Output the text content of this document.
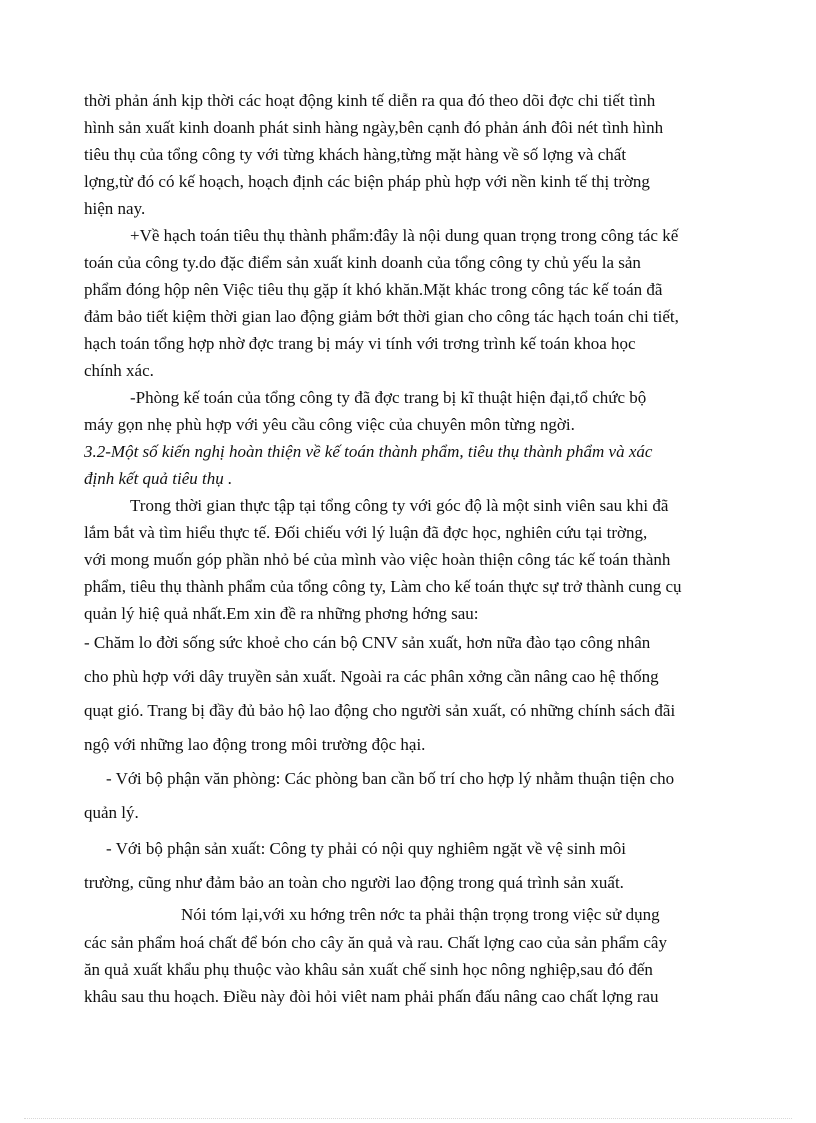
thời phản ánh kịp thời các hoạt động kinh tế diễn ra qua đó theo dõi đợc chi tiết tình
hình sản xuất kinh doanh phát sinh hàng ngày,bên cạnh đó phản ánh đôi nét tình hình
tiêu thụ của tổng công ty với từng khách hàng,từng mặt hàng về số lợng và chất
lợng,từ đó có kế hoạch, hoạch định các biện pháp phù hợp với nền kinh tế thị trờng
hiện nay.
+Về hạch toán tiêu thụ thành phẩm:đây là nội dung quan trọng trong công tác kế
toán của công ty.do đặc điểm sản xuất kinh doanh của tổng công ty chủ yếu la sản
phẩm đóng hộp nên Việc tiêu thụ gặp ít khó khăn.Mặt khác trong công tác kế toán đã
đảm bảo tiết kiệm thời gian lao động giảm bớt thời gian cho công tác hạch toán chi tiết,
hạch toán tổng hợp nhờ đợc trang bị máy vi tính với trơng trình kế toán khoa học
chính xác.
-Phòng kế toán của tổng công ty đã đợc trang bị kĩ thuật hiện đại,tổ chức bộ
máy gọn nhẹ phù hợp với yêu cầu công việc của chuyên môn từng ngời.
3.2-Một số kiến nghị hoàn thiện về kế toán thành phẩm, tiêu thụ thành phẩm và xác
định kết quả tiêu thụ .
Trong thời gian thực tập tại tổng công ty với góc độ là một sinh viên sau khi đã
lắm bắt và tìm hiểu thực tế. Đối chiếu với lý luận đã đợc học, nghiên cứu tại trờng,
với mong muốn góp phần nhỏ bé của mình vào việc hoàn thiện công tác kế toán thành
phẩm, tiêu thụ thành phẩm của tổng công ty, Làm cho kế toán thực sự trở thành cung cụ
quản lý hiệ quả nhất.Em xin đề ra những phơng hớng sau:
- Chăm lo đời sống sức khoẻ cho cán bộ CNV sản xuất, hơn nữa đào tạo công nhân
cho phù hợp với dây truyền sản xuất. Ngoài ra các phân xởng cần nâng cao hệ thống
quạt gió. Trang bị đầy đủ bảo hộ lao động cho người sản xuất, có những chính sách đãi
ngộ với những lao động trong môi trường độc hại.
- Với bộ phận văn phòng: Các phòng ban cần bố trí cho hợp lý nhằm thuận tiện cho
quản lý.
- Với bộ phận sản xuất: Công ty phải có nội quy nghiêm ngặt về vệ sinh môi
trường, cũng như đảm bảo an toàn cho người lao động trong quá trình sản xuất.
Nói tóm lại,với xu hớng trên nớc ta phải thận trọng trong việc sử dụng
các sản phẩm hoá chất để bón cho cây ăn quả và rau. Chất lợng cao của sản phẩm cây
ăn quả xuất khẩu phụ thuộc vào khâu sản xuất chế sinh học nông nghiệp,sau đó đến
khâu sau thu hoạch. Điều này đòi hỏi viêt nam phải phấn đấu nâng cao chất lợng rau
